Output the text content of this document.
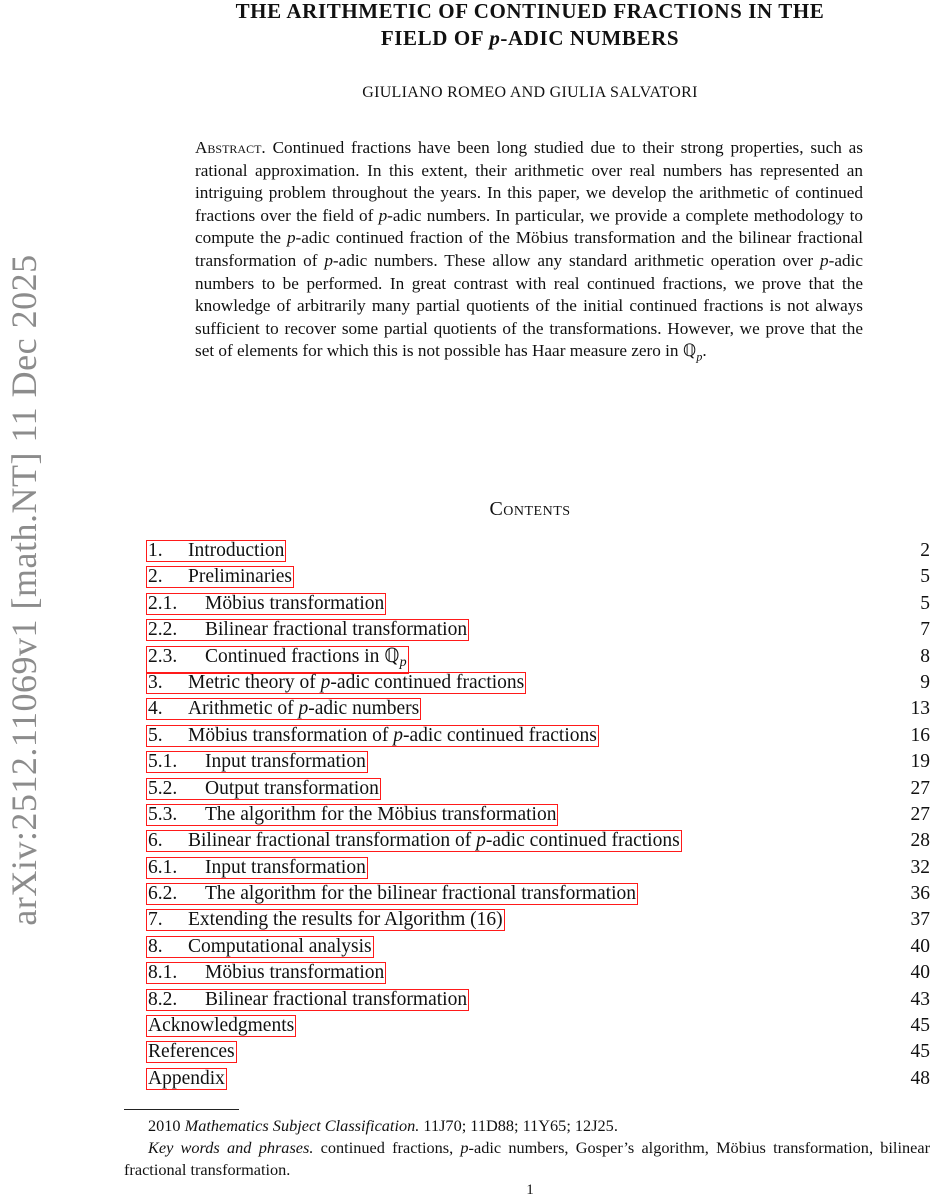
arXiv:2512.11069v1 [math.NT] 11 Dec 2025
THE ARITHMETIC OF CONTINUED FRACTIONS IN THE
FIELD OF p-ADIC NUMBERS
GIULIANO ROMEO AND GIULIA SALVATORI
Abstract. Continued fractions have been long studied due to their strong properties, such as rational approximation. In this extent, their arithmetic over real numbers has represented an intriguing problem throughout the years. In this paper, we develop the arithmetic of continued fractions over the field of p-adic numbers. In particular, we provide a complete methodology to compute the p-adic continued fraction of the Möbius transformation and the bilinear fractional transformation of p-adic numbers. These allow any standard arithmetic operation over p-adic numbers to be performed. In great contrast with real continued fractions, we prove that the knowledge of arbitrarily many partial quotients of the initial continued fractions is not always sufficient to recover some partial quotients of the transformations. However, we prove that the set of elements for which this is not possible has Haar measure zero in ℚ$_p$.
Contents
1. Introduction	2
2. Preliminaries	5
2.1. Möbius transformation	5
2.2. Bilinear fractional transformation	7
2.3. Continued fractions in ℚ$_p$	8
3. Metric theory of p-adic continued fractions	9
4. Arithmetic of p-adic numbers	13
5. Möbius transformation of p-adic continued fractions	16
5.1. Input transformation	19
5.2. Output transformation	27
5.3. The algorithm for the Möbius transformation	27
6. Bilinear fractional transformation of p-adic continued fractions	28
6.1. Input transformation	32
6.2. The algorithm for the bilinear fractional transformation	36
7. Extending the results for Algorithm (16)	37
8. Computational analysis	40
8.1. Möbius transformation	40
8.2. Bilinear fractional transformation	43
Acknowledgments	45
References	45
Appendix	48
2010 Mathematics Subject Classification. 11J70; 11D88; 11Y65; 12J25.
Key words and phrases. continued fractions, p-adic numbers, Gosper’s algorithm, Möbius transformation, bilinear fractional transformation.
1
